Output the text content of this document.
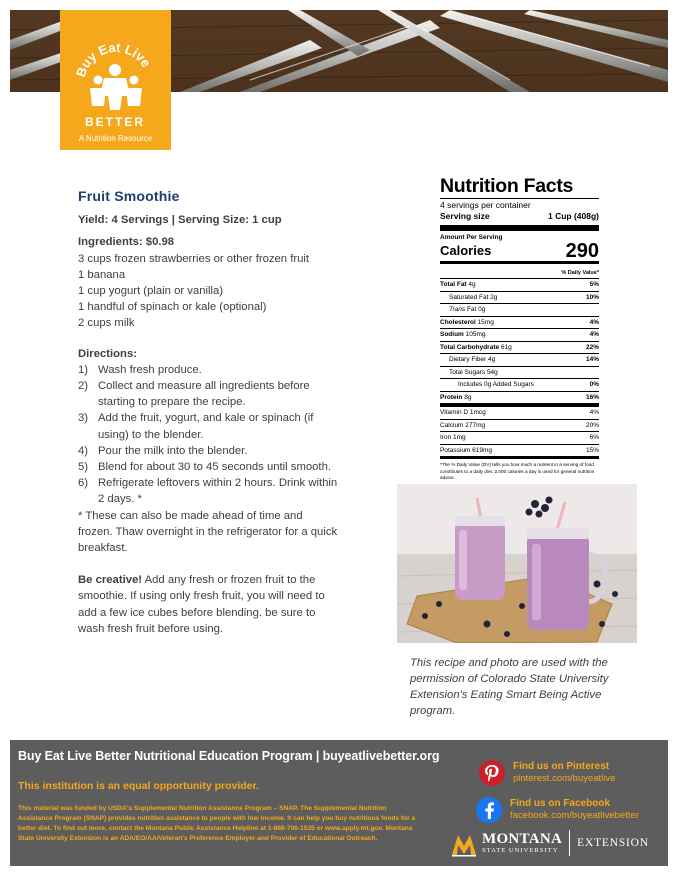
Buy Eat Live
BETTER
A Nutrition Resource
Fruit Smoothie
Yield: 4 Servings | Serving Size: 1 cup
Ingredients: $0.98
3 cups frozen strawberries or other frozen fruit
1 banana
1 cup yogurt (plain or vanilla)
1 handful of spinach or kale (optional)
2 cups milk
Directions:
1) Wash fresh produce.
2) Collect and measure all ingredients before starting to prepare the recipe.
3) Add the fruit, yogurt, and kale or spinach (if using) to the blender.
4) Pour the milk into the blender.
5) Blend for about 30 to 45 seconds until smooth.
6) Refrigerate leftovers within 2 hours. Drink within 2 days. *
* These can also be made ahead of time and frozen. Thaw overnight in the refrigerator for a quick breakfast.
Be creative! Add any fresh or frozen fruit to the smoothie. If using only fresh fruit, you will need to add a few ice cubes before blending. be sure to wash fresh fruit before using.
Nutrition Facts
4 servings per container
Serving size	1 Cup (408g)
Amount Per Serving
Calories	290
% Daily Value*
Total Fat 4g	5%
Saturated Fat 2g	10%
Trans Fat 0g
Cholesterol 15mg	4%
Sodium 105mg	4%
Total Carbohydrate 61g	22%
Dietary Fiber 4g	14%
Total Sugars 54g
Includes 0g Added Sugars	0%
Protein 8g	16%
Vitamin D 1mcg	4%
Calcium 277mg	20%
Iron 1mg	6%
Potassium 619mg	15%
*The % Daily Value (DV) tells you how much a nutrient in a serving of food contributes to a daily diet. 2,000 calories a day is used for general nutrition advice.
This recipe and photo are used with the permission of Colorado State University Extension's Eating Smart Being Active program.
Buy Eat Live Better Nutritional Education Program | buyeatlivebetter.org
This institution is an equal opportunity provider.
This material was funded by USDA's Supplemental Nutrition Assistance Program – SNAP. The Supplemental Nutrition Assistance Program (SNAP) provides nutrition assistance to people with low income. It can help you buy nutritious foods for a better diet. To find out more, contact the Montana Public Assistance Helpline at 1-888-706-1535 or www.apply.mt.gov. Montana State University Extension is an ADA/EO/AA/Veteran's Preference Employer and Provider of Educational Outreach.
Find us on Pinterest
pinterest.com/buyeatlive
Find us on Facebook
facebook.com/buyeatlivebetter
MONTANA
STATE UNIVERSITY
EXTENSION
